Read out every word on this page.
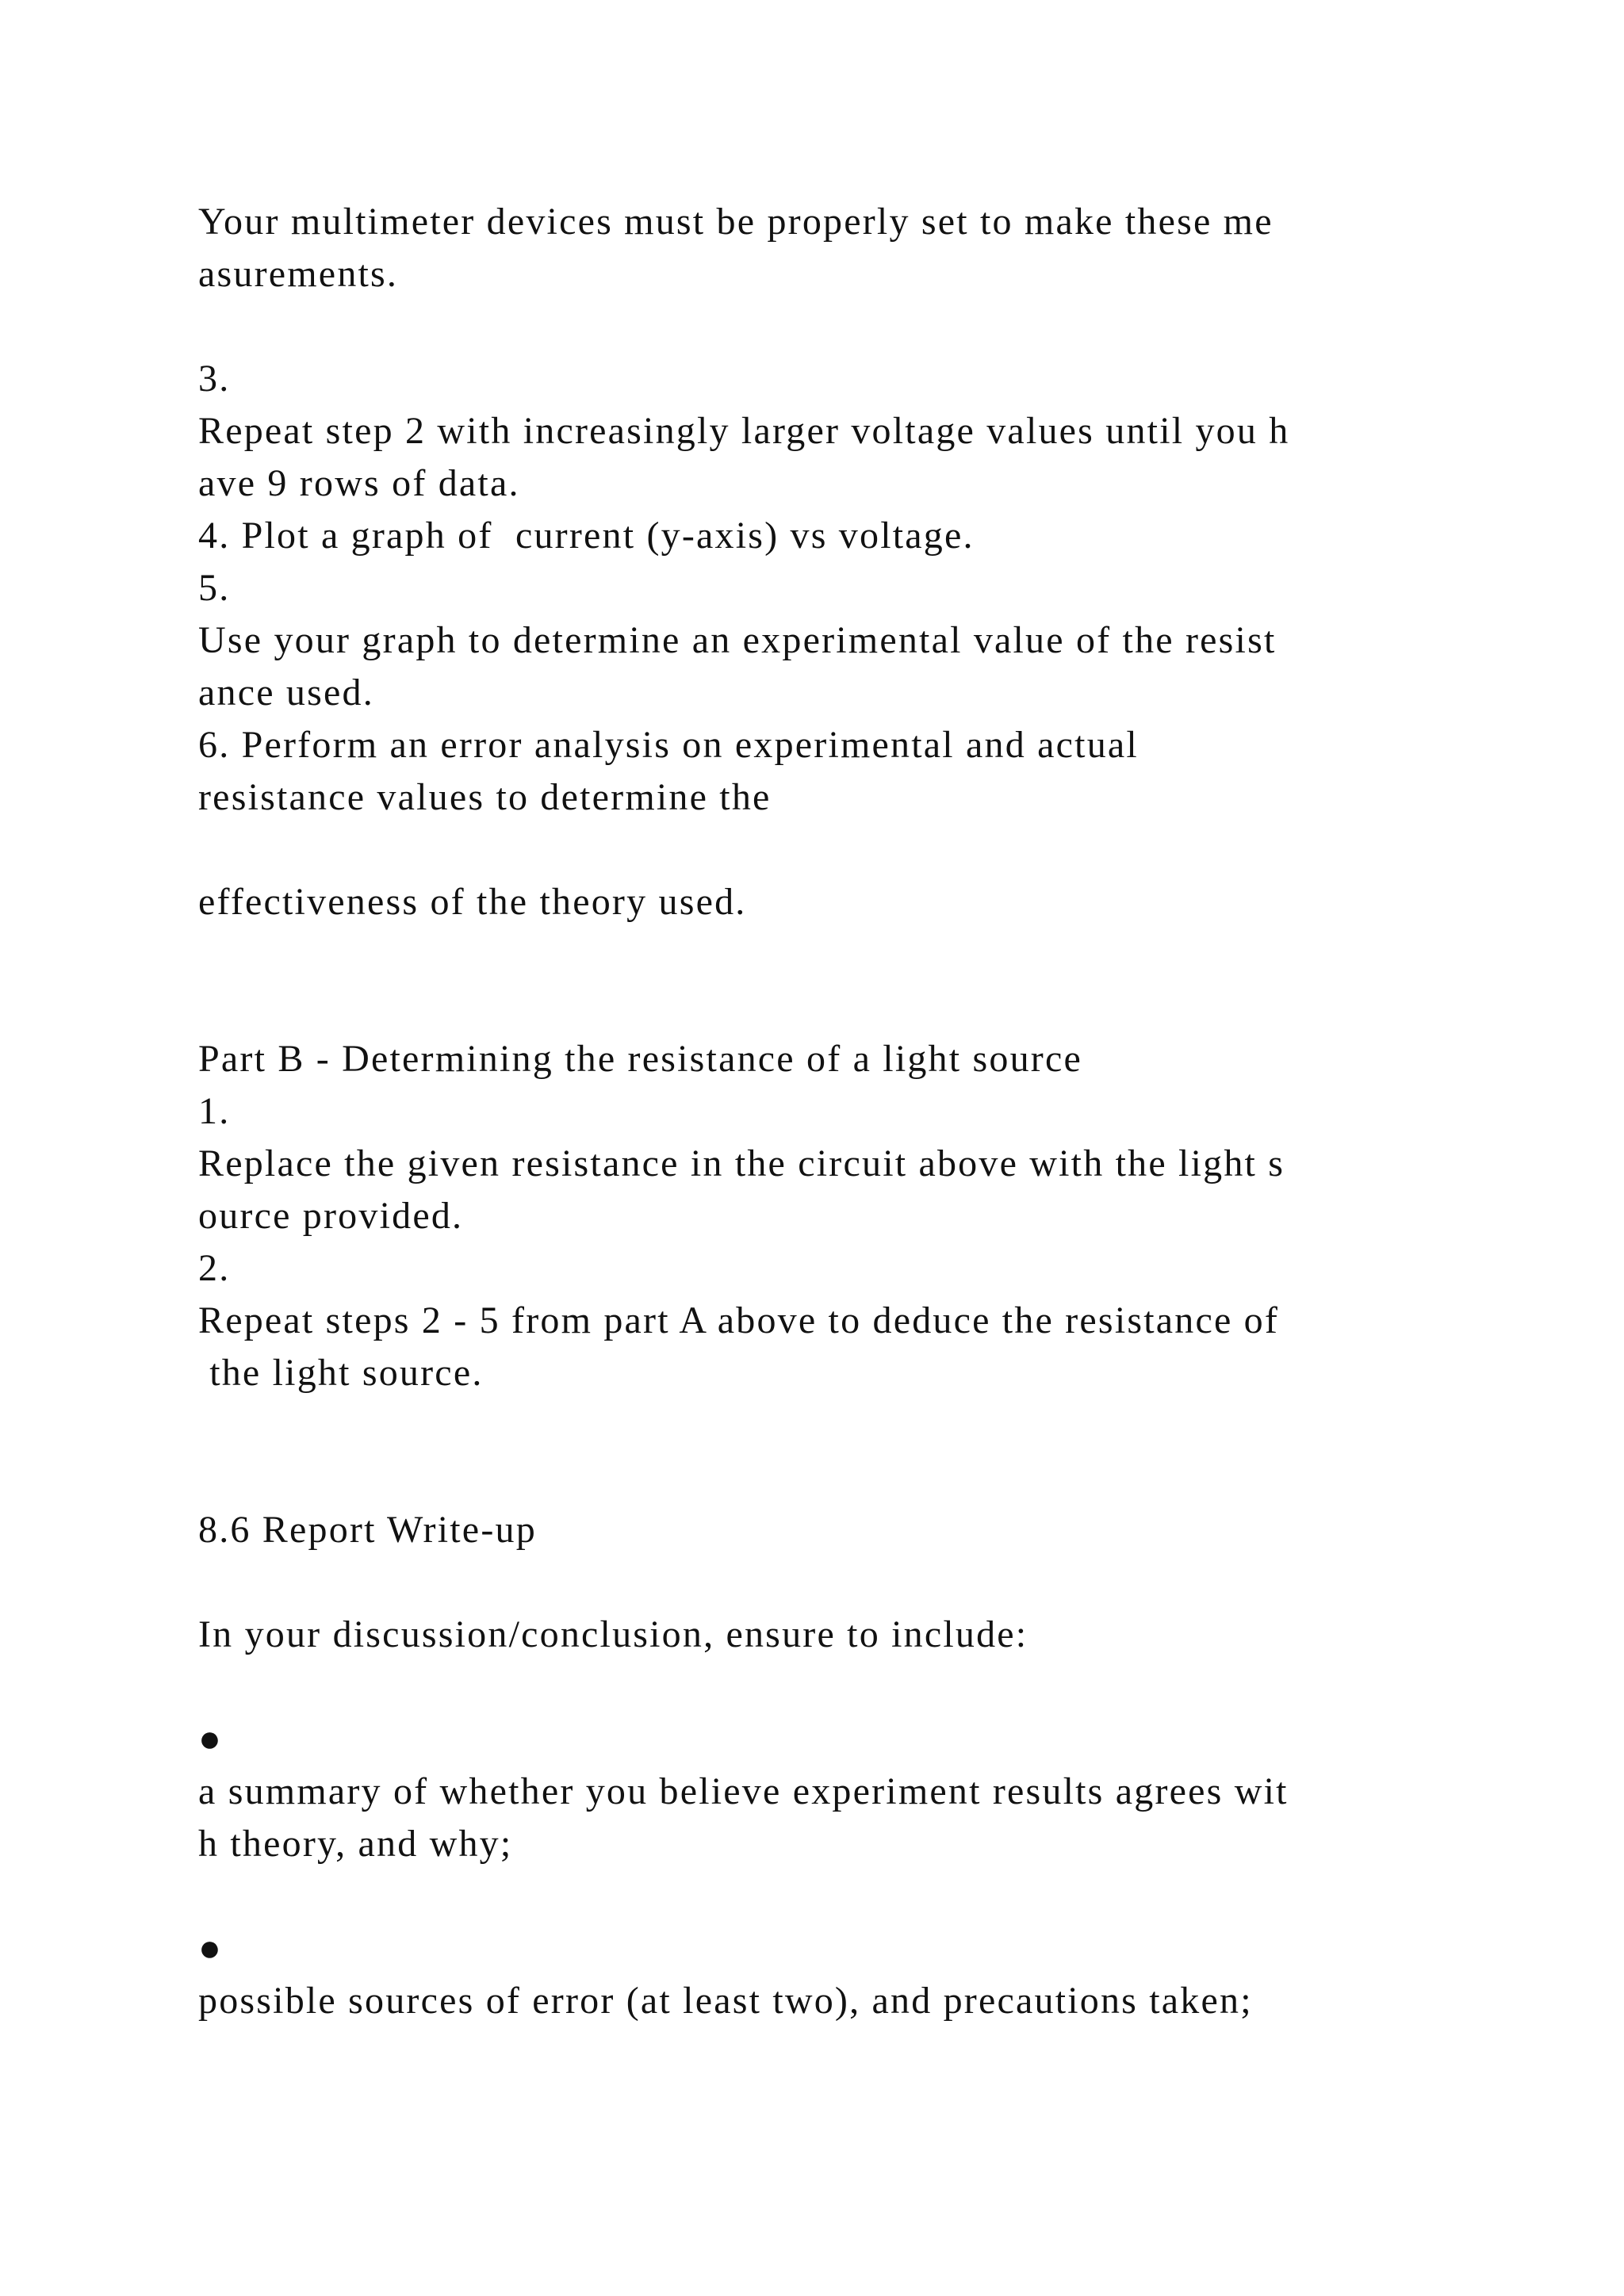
Your multimeter devices must be properly set to make these me
asurements.
3.
Repeat step 2 with increasingly larger voltage values until you h
ave 9 rows of data.
4. Plot a graph of  current (y-axis) vs voltage.
5.
Use your graph to determine an experimental value of the resist
ance used.
6. Perform an error analysis on experimental and actual
resistance values to determine the
effectiveness of the theory used.
Part B - Determining the resistance of a light source
1.
Replace the given resistance in the circuit above with the light s
ource provided.
2.
Repeat steps 2 - 5 from part A above to deduce the resistance of
the light source.
8.6 Report Write-up
In your discussion/conclusion, ensure to include:
●
a summary of whether you believe experiment results agrees wit
h theory, and why;
●
possible sources of error (at least two), and precautions taken;
